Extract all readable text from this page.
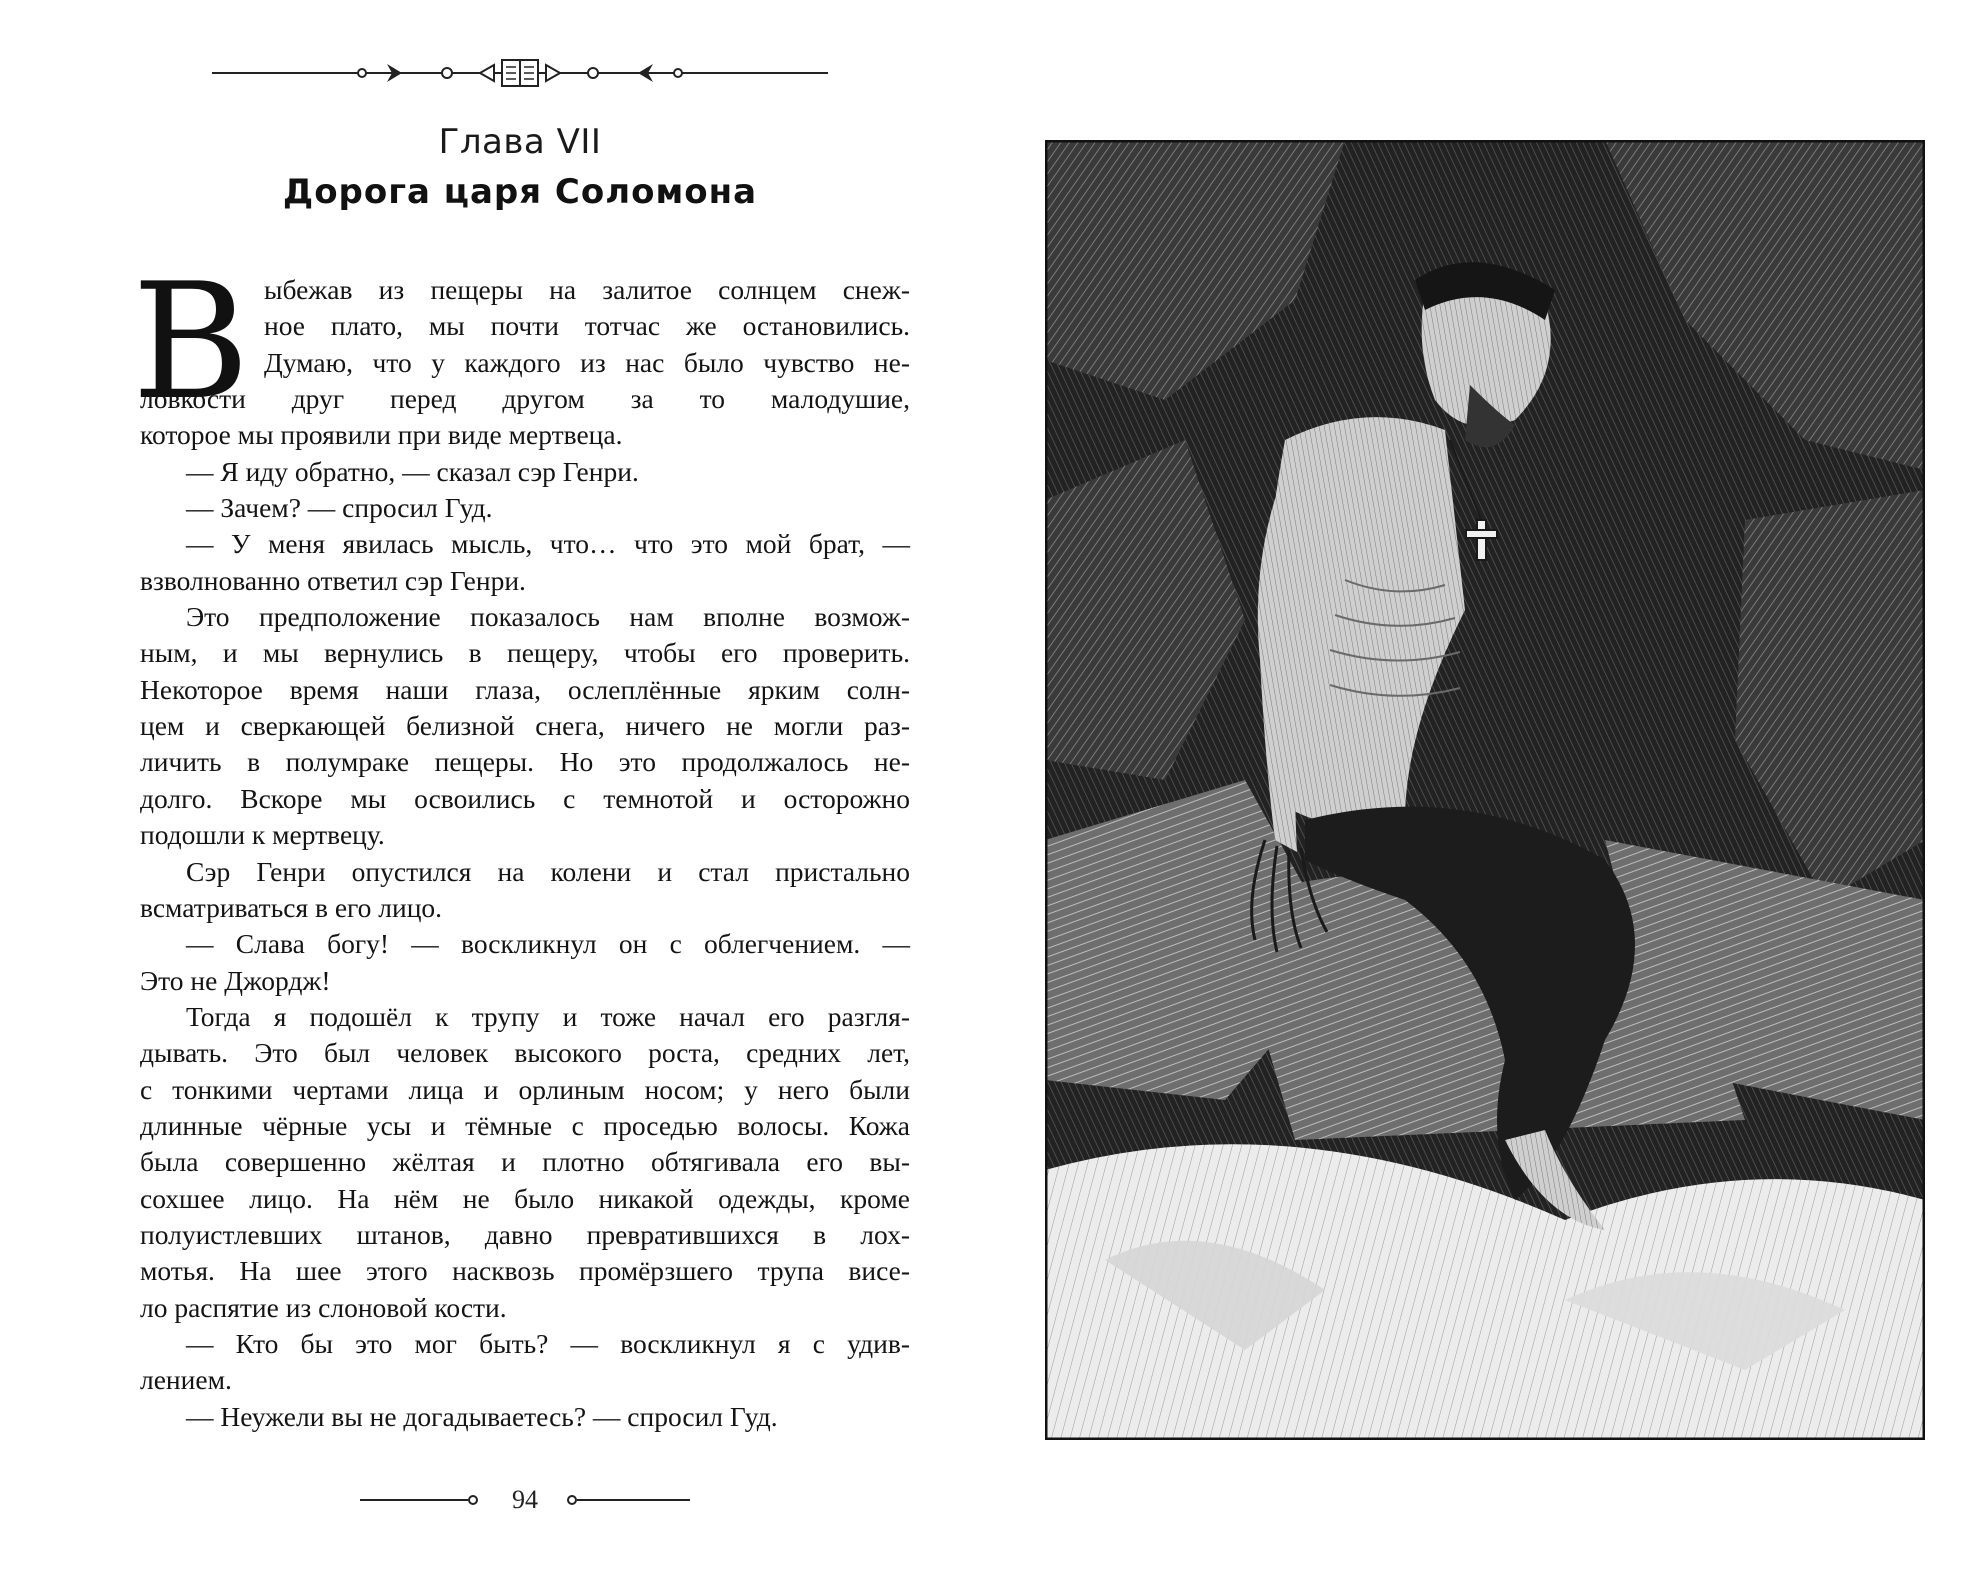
Глава VII
Дорога царя Соломона
В ыбежав из пещеры на залитое солнцем снеж-
ное плато, мы почти тотчас же остановились.
Думаю, что у каждого из нас было чувство не-
ловкости друг перед другом за то малодушие,
которое мы проявили при виде мертвеца.
— Я иду обратно, — сказал сэр Генри.
— Зачем? — спросил Гуд.
— У меня явилась мысль, что… что это мой брат, —
взволнованно ответил сэр Генри.
Это предположение показалось нам вполне возмож-
ным, и мы вернулись в пещеру, чтобы его проверить.
Некоторое время наши глаза, ослеплённые ярким солн-
цем и сверкающей белизной снега, ничего не могли раз-
личить в полумраке пещеры. Но это продолжалось не-
долго. Вскоре мы освоились с темнотой и осторожно
подошли к мертвецу.
Сэр Генри опустился на колени и стал пристально
всматриваться в его лицо.
— Слава богу! — воскликнул он с облегчением. —
Это не Джордж!
Тогда я подошёл к трупу и тоже начал его разгля-
дывать. Это был человек высокого роста, средних лет,
с тонкими чертами лица и орлиным носом; у него были
длинные чёрные усы и тёмные с проседью волосы. Кожа
была совершенно жёлтая и плотно обтягивала его вы-
сохшее лицо. На нём не было никакой одежды, кроме
полуистлевших штанов, давно превратившихся в лох-
мотья. На шее этого насквозь промёрзшего трупа висе-
ло распятие из слоновой кости.
— Кто бы это мог быть? — воскликнул я с удив-
лением.
— Неужели вы не догадываетесь? — спросил Гуд.
94
